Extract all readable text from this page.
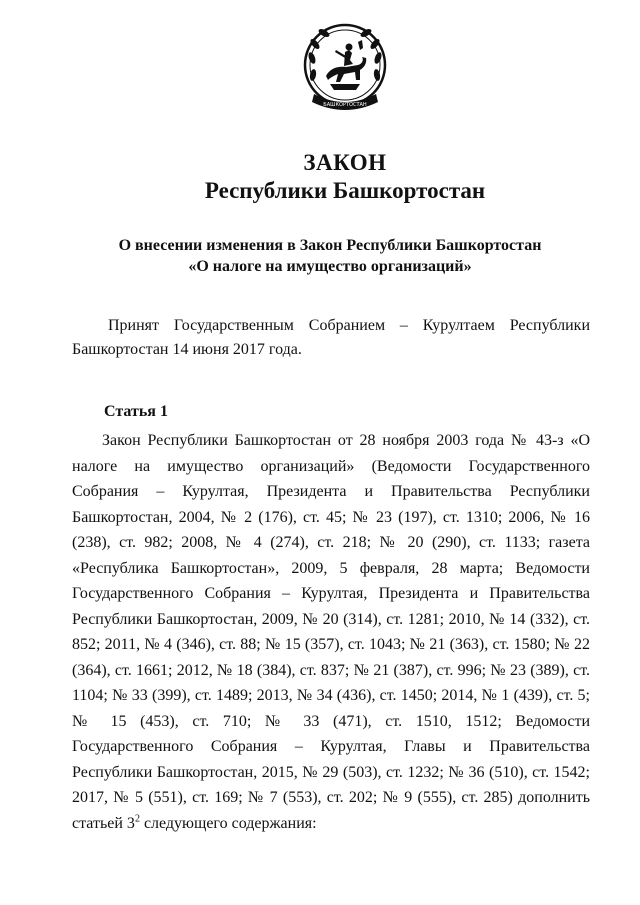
БАШКОРТОСТАН
ЗАКОН
Республики Башкортостан
О внесении изменения в Закон Республики Башкортостан
«О налоге на имущество организаций»
Принят Государственным Собранием – Курултаем Республики Башкортостан 14 июня 2017 года.
Статья 1

Закон Республики Башкортостан от 28 ноября 2003 года № 43-з «О налоге на имущество организаций» (Ведомости Государственного Собрания – Курултая, Президента и Правительства Республики Башкортостан, 2004, № 2 (176), ст. 45; № 23 (197), ст. 1310; 2006, № 16 (238), ст. 982; 2008, № 4 (274), ст. 218; № 20 (290), ст. 1133; газета «Республика Башкортостан», 2009, 5 февраля, 28 марта; Ведомости Государственного Собрания – Курултая, Президента и Правительства Республики Башкортостан, 2009, № 20 (314), ст. 1281; 2010, № 14 (332), ст. 852; 2011, № 4 (346), ст. 88; № 15 (357), ст. 1043; № 21 (363), ст. 1580; № 22 (364), ст. 1661; 2012, № 18 (384), ст. 837; № 21 (387), ст. 996; № 23 (389), ст. 1104; № 33 (399), ст. 1489; 2013, № 34 (436), ст. 1450; 2014, № 1 (439), ст. 5; № 15 (453), ст. 710; № 33 (471), ст. 1510, 1512; Ведомости Государственного Собрания – Курултая, Главы и Правительства Республики Башкортостан, 2015, № 29 (503), ст. 1232; № 36 (510), ст. 1542; 2017, № 5 (551), ст. 169; № 7 (553), ст. 202; № 9 (555), ст. 285) дополнить статьей $3^2$ следующего содержания:
